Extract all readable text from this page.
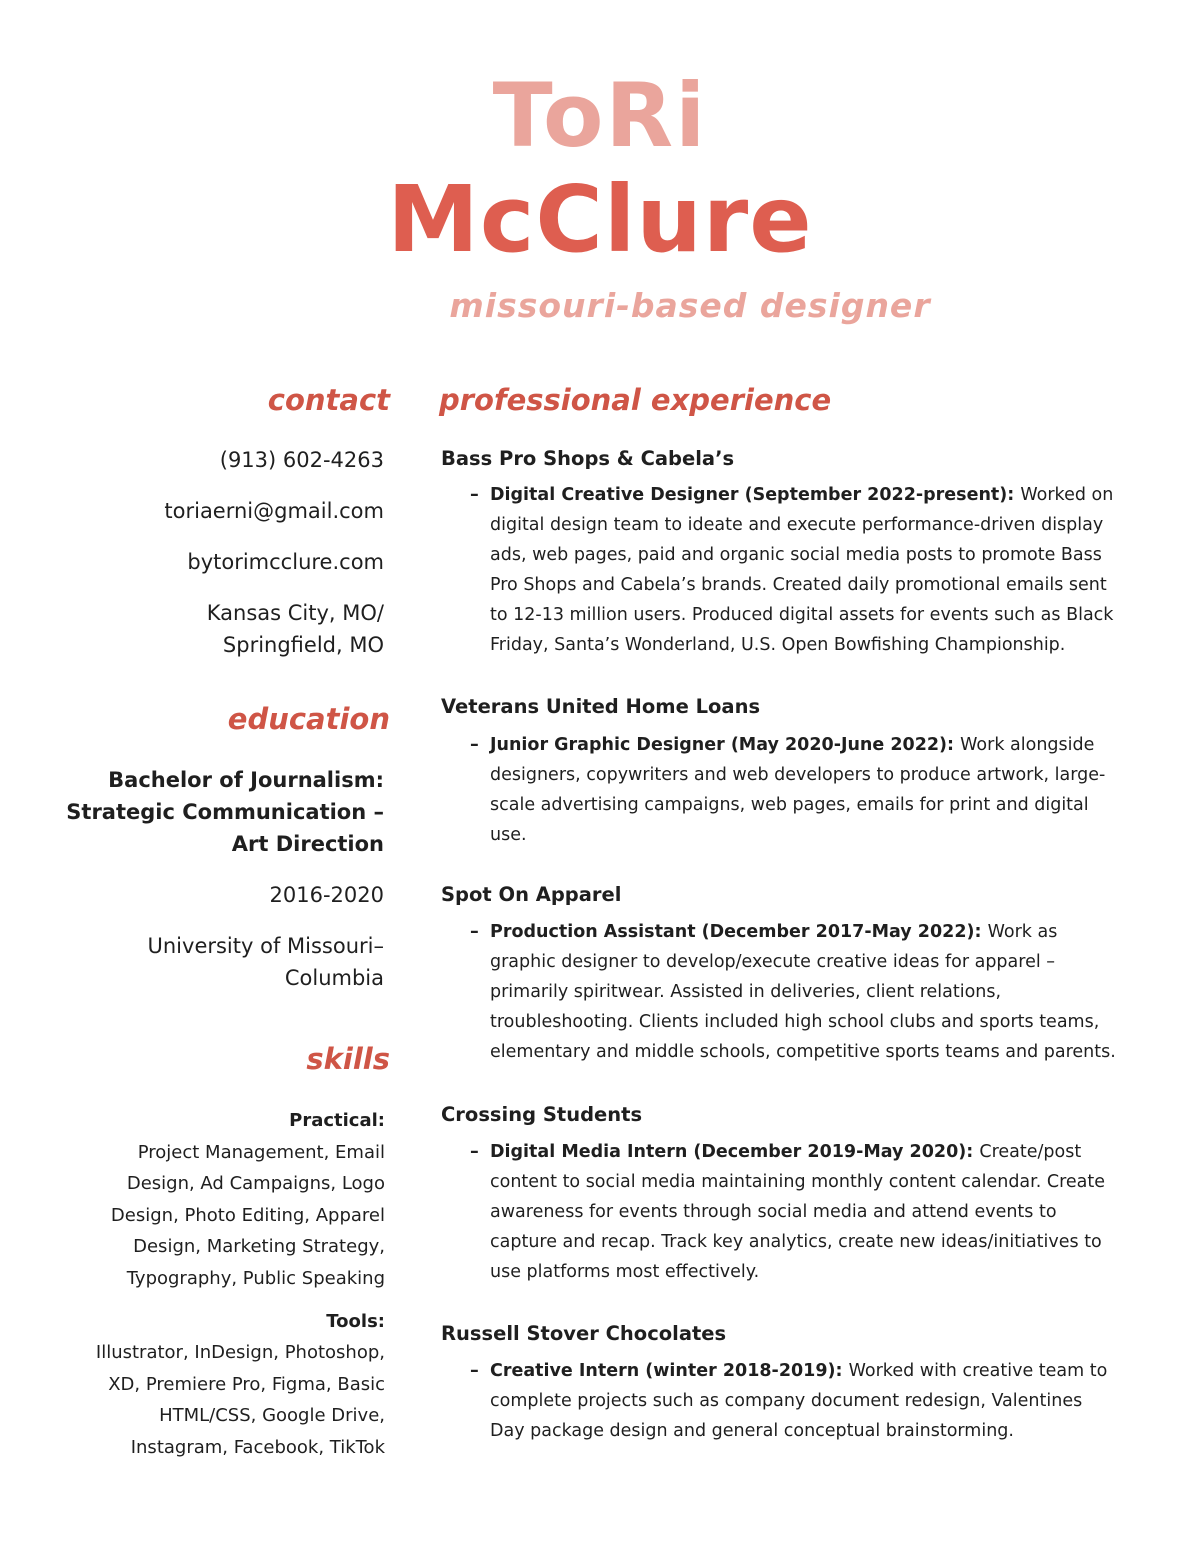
ToRi
McClure
missouri-based designer
contact
(913) 602-4263
toriaerni@gmail.com
bytorimcclure.com
Kansas City, MO/
Springfield, MO
education
Bachelor of Journalism:
Strategic Communication –
Art Direction
2016-2020
University of Missouri–
Columbia
skills
Practical:
Project Management, Email
Design, Ad Campaigns, Logo
Design, Photo Editing, Apparel
Design, Marketing Strategy,
Typography, Public Speaking
Tools:
Illustrator, InDesign, Photoshop,
XD, Premiere Pro, Figma, Basic
HTML/CSS, Google Drive,
Instagram, Facebook, TikTok
professional experience
Bass Pro Shops & Cabela’s
– Digital Creative Designer (September 2022-present): Worked on digital design team to ideate and execute performance-driven display ads, web pages, paid and organic social media posts to promote Bass Pro Shops and Cabela’s brands. Created daily promotional emails sent to 12-13 million users. Produced digital assets for events such as Black Friday, Santa’s Wonderland, U.S. Open Bowfishing Championship.
Veterans United Home Loans
– Junior Graphic Designer (May 2020-June 2022): Work alongside designers, copywriters and web developers to produce artwork, large-scale advertising campaigns, web pages, emails for print and digital use.
Spot On Apparel
– Production Assistant (December 2017-May 2022): Work as graphic designer to develop/execute creative ideas for apparel – primarily spiritwear. Assisted in deliveries, client relations, troubleshooting. Clients included high school clubs and sports teams, elementary and middle schools, competitive sports teams and parents.
Crossing Students
– Digital Media Intern (December 2019-May 2020): Create/post content to social media maintaining monthly content calendar. Create awareness for events through social media and attend events to capture and recap. Track key analytics, create new ideas/initiatives to use platforms most effectively.
Russell Stover Chocolates
– Creative Intern (winter 2018-2019): Worked with creative team to complete projects such as company document redesign, Valentines Day package design and general conceptual brainstorming.
